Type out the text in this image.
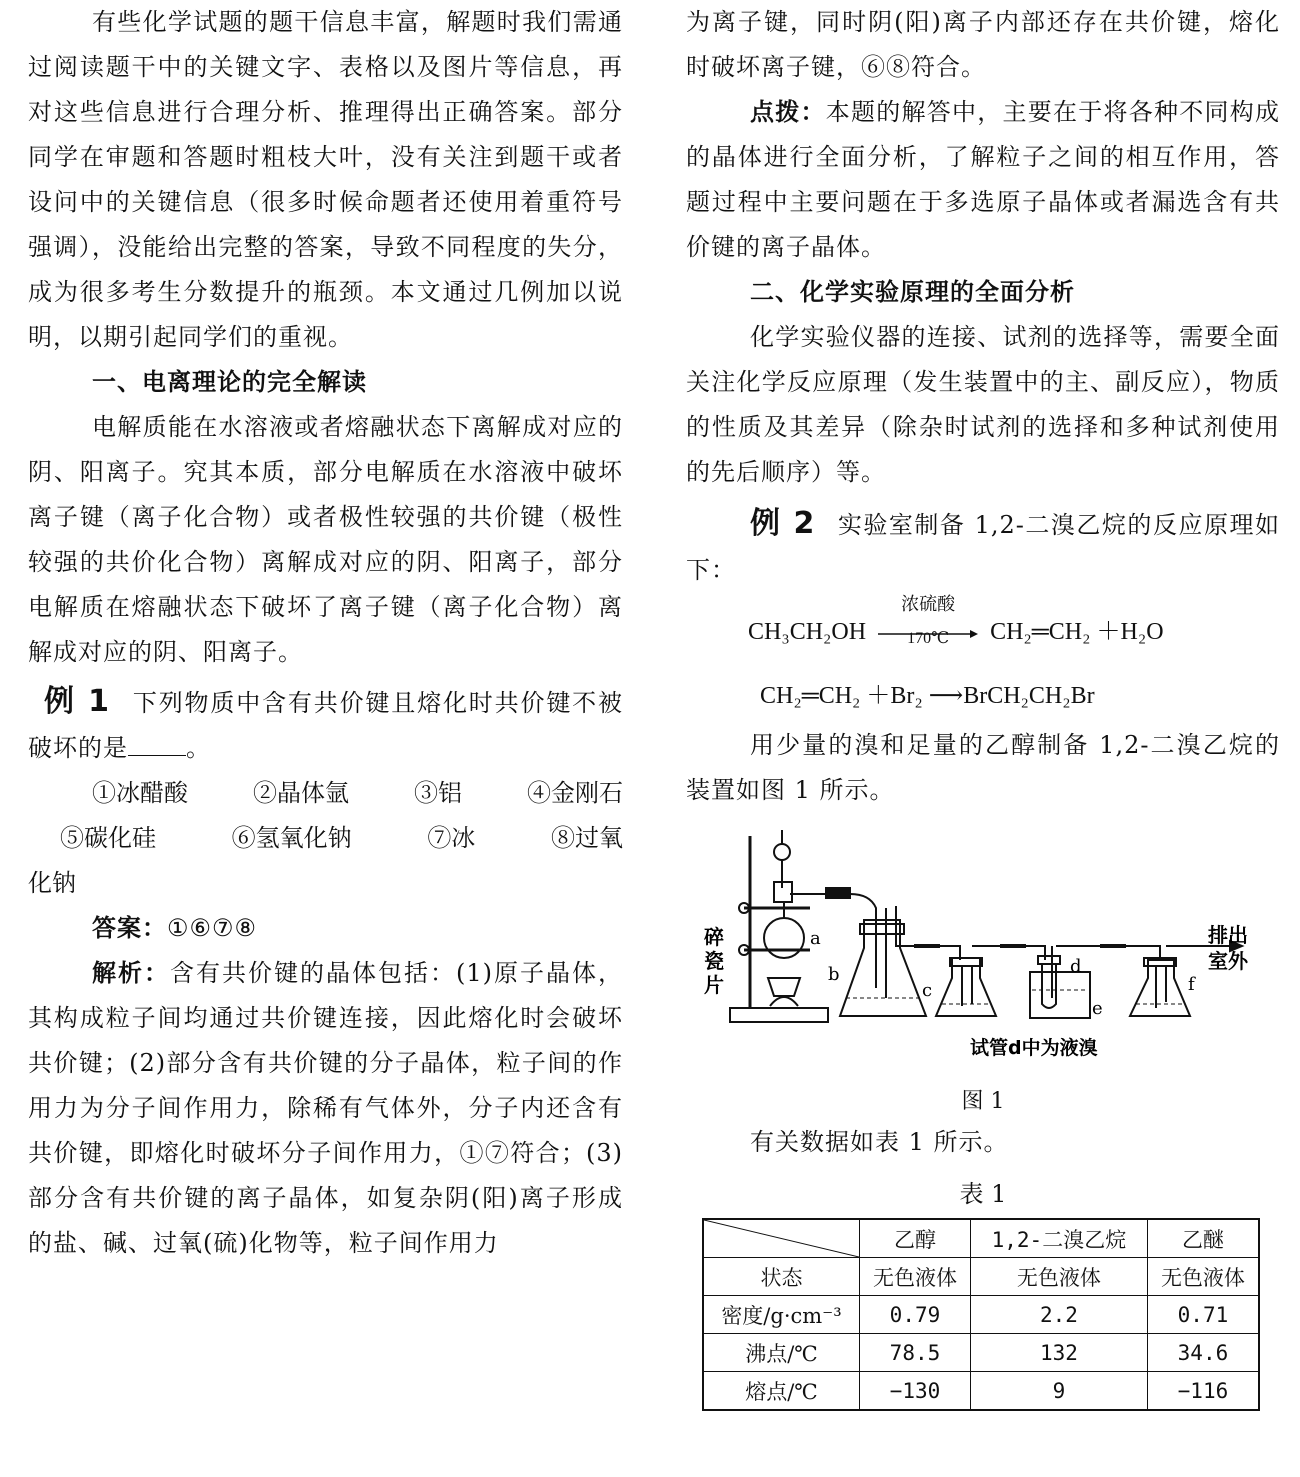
有些化学试题的题干信息丰富，解题时我们需通过阅读题干中的关键文字、表格以及图片等信息，再对这些信息进行合理分析、推理得出正确答案。部分同学在审题和答题时粗枝大叶，没有关注到题干或者设问中的关键信息（很多时候命题者还使用着重符号强调），没能给出完整的答案，导致不同程度的失分，成为很多考生分数提升的瓶颈。本文通过几例加以说明，以期引起同学们的重视。

一、电离理论的完全解读

电解质能在水溶液或者熔融状态下离解成对应的阴、阳离子。究其本质，部分电解质在水溶液中破坏离子键（离子化合物）或者极性较强的共价键（极性较强的共价化合物）离解成对应的阴、阳离子，部分电解质在熔融状态下破坏了离子键（离子化合物）离解成对应的阴、阳离子。

例 1 下列物质中含有共价键且熔化时共价键不被破坏的是 。

①冰醋酸	②晶体氩	③铝	④金刚石
⑤碳化硅	⑥氢氧化钠	⑦冰	⑧过氧
化钠

答案：①⑥⑦⑧

解析：含有共价键的晶体包括：(1)原子晶体，其构成粒子间均通过共价键连接，因此熔化时会破坏共价键；(2)部分含有共价键的分子晶体，粒子间的作用力为分子间作用力，除稀有气体外，分子内还含有共价键，即熔化时破坏分子间作用力，①⑦符合；(3)部分含有共价键的离子晶体，如复杂阴(阳)离子形成的盐、碱、过氧(硫)化物等，粒子间作用力

为离子键，同时阴(阳)离子内部还存在共价键，熔化时破坏离子键，⑥⑧符合。

点拨：本题的解答中，主要在于将各种不同构成的晶体进行全面分析，了解粒子之间的相互作用，答题过程中主要问题在于多选原子晶体或者漏选含有共价键的离子晶体。

二、化学实验原理的全面分析

化学实验仪器的连接、试剂的选择等，需要全面关注化学反应原理（发生装置中的主、副反应），物质的性质及其差异（除杂时试剂的选择和多种试剂使用的先后顺序）等。

例 2 实验室制备 1,2-二溴乙烷的反应原理如下：

CH₃CH₂OH
浓硫酸
170℃	CH₂═CH₂ ＋H₂O
CH₂═CH₂ ＋Br₂ ⟶BrCH₂CH₂Br

用少量的溴和足量的乙醇制备 1,2-二溴乙烷的装置如图 1 所示。

碎
瓷
片
a
b
c
d
e
f
排出
室外
试管d中为液溴
图 1

有关数据如表 1 所示。

表 1
	乙醇	1,2-二溴乙烷	乙醚
状态	无色液体	无色液体	无色液体
密度/g·cm⁻³	0.79	2.2	0.71
沸点/℃	78.5	132	34.6
熔点/℃	−130	9	−116
